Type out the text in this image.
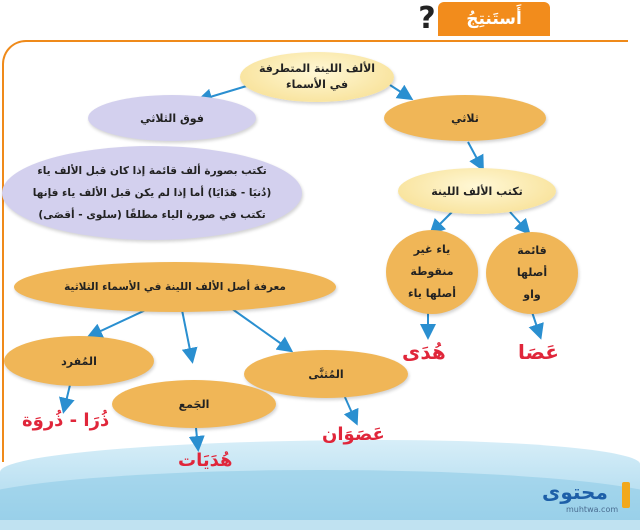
أَستَنتِجُ
?
الألف اللينة المتطرفة
في الأسماء
فوق الثلاثي	ثلاثي
تكتب بصورة ألف قائمة إذا كان قبل الألف ياء
(دُنيَا - هَدَايَا) أما إذا لم يكن قبل الألف ياء فإنها
تكتب في صورة الياء مطلقًا (سلوى - أقصَى)
تكتب الألف اللينة
قائمة
أصلها
واو
ياء غير
منقوطة
أصلها ياء
معرفة أصل الألف اللينة في الأسماء الثلاثية
المُفرد
المُثنَّى
الجَمع
عَصَا
هُدَى
ذُرَا - ذُروَة
عَصَوَان
هُدَيَات
محتوى
muhtwa.com
